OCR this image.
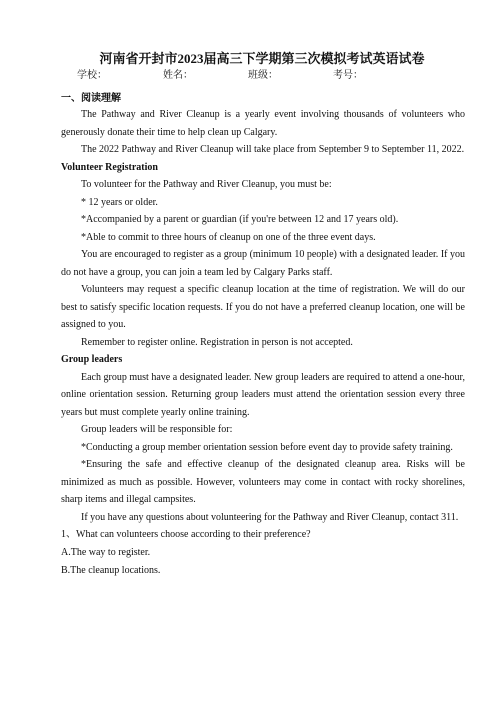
河南省开封市2023届高三下学期第三次模拟考试英语试卷
学校：	姓名：	班级：	考号：
一、阅读理解

The Pathway and River Cleanup is a yearly event involving thousands of volunteers who generously donate their time to help clean up Calgary.

The 2022 Pathway and River Cleanup will take place from September 9 to September 11, 2022.

Volunteer Registration

To volunteer for the Pathway and River Cleanup, you must be:

* 12 years or older.

*Accompanied by a parent or guardian (if you're between 12 and 17 years old).

*Able to commit to three hours of cleanup on one of the three event days.

You are encouraged to register as a group (minimum 10 people) with a designated leader. If you do not have a group, you can join a team led by Calgary Parks staff.

Volunteers may request a specific cleanup location at the time of registration. We will do our best to satisfy specific location requests. If you do not have a preferred cleanup location, one will be assigned to you.

Remember to register online. Registration in person is not accepted.

Group leaders

Each group must have a designated leader. New group leaders are required to attend a one-hour, online orientation session. Returning group leaders must attend the orientation session every three years but must complete yearly online training.

Group leaders will be responsible for:

*Conducting a group member orientation session before event day to provide safety training.

*Ensuring the safe and effective cleanup of the designated cleanup area. Risks will be minimized as much as possible. However, volunteers may come in contact with rocky shorelines, sharp items and illegal campsites.

If you have any questions about volunteering for the Pathway and River Cleanup, contact 311.

1、What can volunteers choose according to their preference?

A.The way to register.

B.The cleanup locations.
